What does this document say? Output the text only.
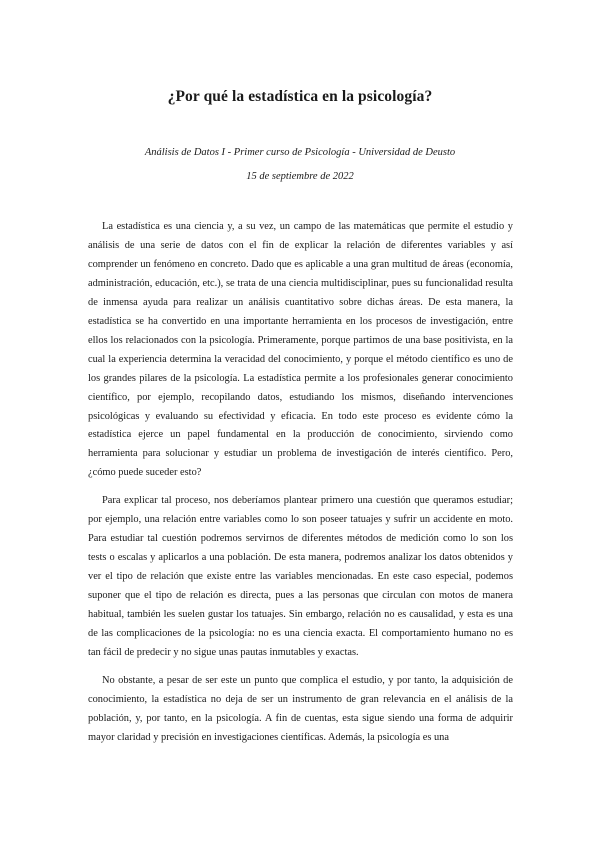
¿Por qué la estadística en la psicología?
Análisis de Datos I - Primer curso de Psicología - Universidad de Deusto
15 de septiembre de 2022

La estadística es una ciencia y, a su vez, un campo de las matemáticas que permite el estudio y análisis de una serie de datos con el fin de explicar la relación de diferentes variables y así comprender un fenómeno en concreto. Dado que es aplicable a una gran multitud de áreas (economía, administración, educación, etc.), se trata de una ciencia multidisciplinar, pues su funcionalidad resulta de inmensa ayuda para realizar un análisis cuantitativo sobre dichas áreas. De esta manera, la estadística se ha convertido en una importante herramienta en los procesos de investigación, entre ellos los relacionados con la psicología. Primeramente, porque partimos de una base positivista, en la cual la experiencia determina la veracidad del conocimiento, y porque el método científico es uno de los grandes pilares de la psicología. La estadística permite a los profesionales generar conocimiento científico, por ejemplo, recopilando datos, estudiando los mismos, diseñando intervenciones psicológicas y evaluando su efectividad y eficacia. En todo este proceso es evidente cómo la estadística ejerce un papel fundamental en la producción de conocimiento, sirviendo como herramienta para solucionar y estudiar un problema de investigación de interés científico. Pero, ¿cómo puede suceder esto?

Para explicar tal proceso, nos deberíamos plantear primero una cuestión que queramos estudiar; por ejemplo, una relación entre variables como lo son poseer tatuajes y sufrir un accidente en moto. Para estudiar tal cuestión podremos servirnos de diferentes métodos de medición como lo son los tests o escalas y aplicarlos a una población. De esta manera, podremos analizar los datos obtenidos y ver el tipo de relación que existe entre las variables mencionadas. En este caso especial, podemos suponer que el tipo de relación es directa, pues a las personas que circulan con motos de manera habitual, también les suelen gustar los tatuajes. Sin embargo, relación no es causalidad, y esta es una de las complicaciones de la psicología: no es una ciencia exacta. El comportamiento humano no es tan fácil de predecir y no sigue unas pautas inmutables y exactas.

No obstante, a pesar de ser este un punto que complica el estudio, y por tanto, la adquisición de conocimiento, la estadística no deja de ser un instrumento de gran relevancia en el análisis de la población, y, por tanto, en la psicología. A fin de cuentas, esta sigue siendo una forma de adquirir mayor claridad y precisión en investigaciones científicas. Además, la psicología es una
